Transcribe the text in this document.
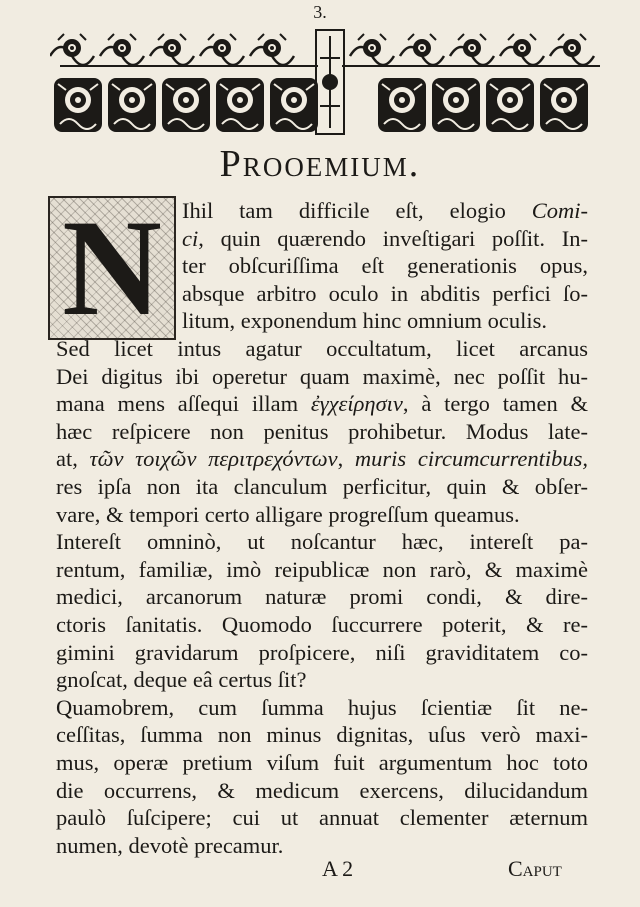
3.
Prooemium.
N Ihil tam difficile eſt, elogio Comi-
ci, quin quærendo inveſtigari poſſit. In-
ter obſcuriſſima eſt generationis opus,
absque arbitro oculo in abditis perfici ſo-
litum, exponendum hinc omnium oculis.
Sed licet intus agatur occultatum, licet arcanus
Dei digitus ibi operetur quam maximè, nec poſſit hu-
mana mens aſſequi illam ἐγχείρησιν, à tergo tamen &
hæc reſpicere non penitus prohibetur. Modus late-
at, τῶν τοιχῶν περιτρεχόντων, muris circumcurrentibus,
res ipſa non ita clanculum perficitur, quin & obſer-
vare, & tempori certo alligare progreſſum queamus.
Intereſt omninò, ut noſcantur hæc, intereſt pa-
rentum, familiæ, imò reipublicæ non rarò, & maximè
medici, arcanorum naturæ promi condi, & dire-
ctoris ſanitatis. Quomodo ſuccurrere poterit, & re-
gimini gravidarum proſpicere, niſi graviditatem co-
gnoſcat, deque eâ certus ſit?
Quamobrem, cum ſumma hujus ſcientiæ ſit ne-
ceſſitas, ſumma non minus dignitas, uſus verò maxi-
mus, operæ pretium viſum fuit argumentum hoc toto
die occurrens, & medicum exercens, dilucidandum
paulò ſuſcipere; cui ut annuat clementer æternum
numen, devotè precamur.
A 2	Caput
